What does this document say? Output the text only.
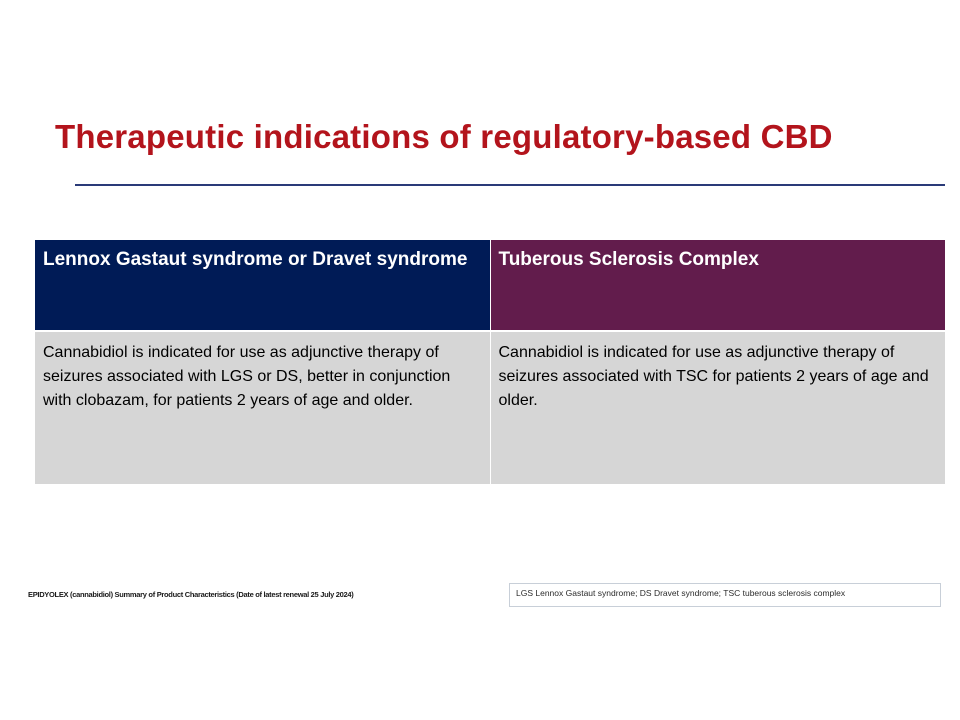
Therapeutic indications of regulatory-based CBD
Lennox Gastaut syndrome or Dravet syndrome	Tuberous Sclerosis Complex

Cannabidiol is indicated for use as adjunctive therapy of seizures associated with LGS or DS, better in conjunction with clobazam, for patients 2 years of age and older.	Cannabidiol is indicated for use as adjunctive therapy of seizures associated with TSC for patients 2 years of age and older.
EPIDYOLEX (cannabidiol) Summary of Product Characteristics (Date of latest renewal 25 July 2024)	LGS Lennox Gastaut syndrome; DS Dravet syndrome; TSC tuberous sclerosis complex
